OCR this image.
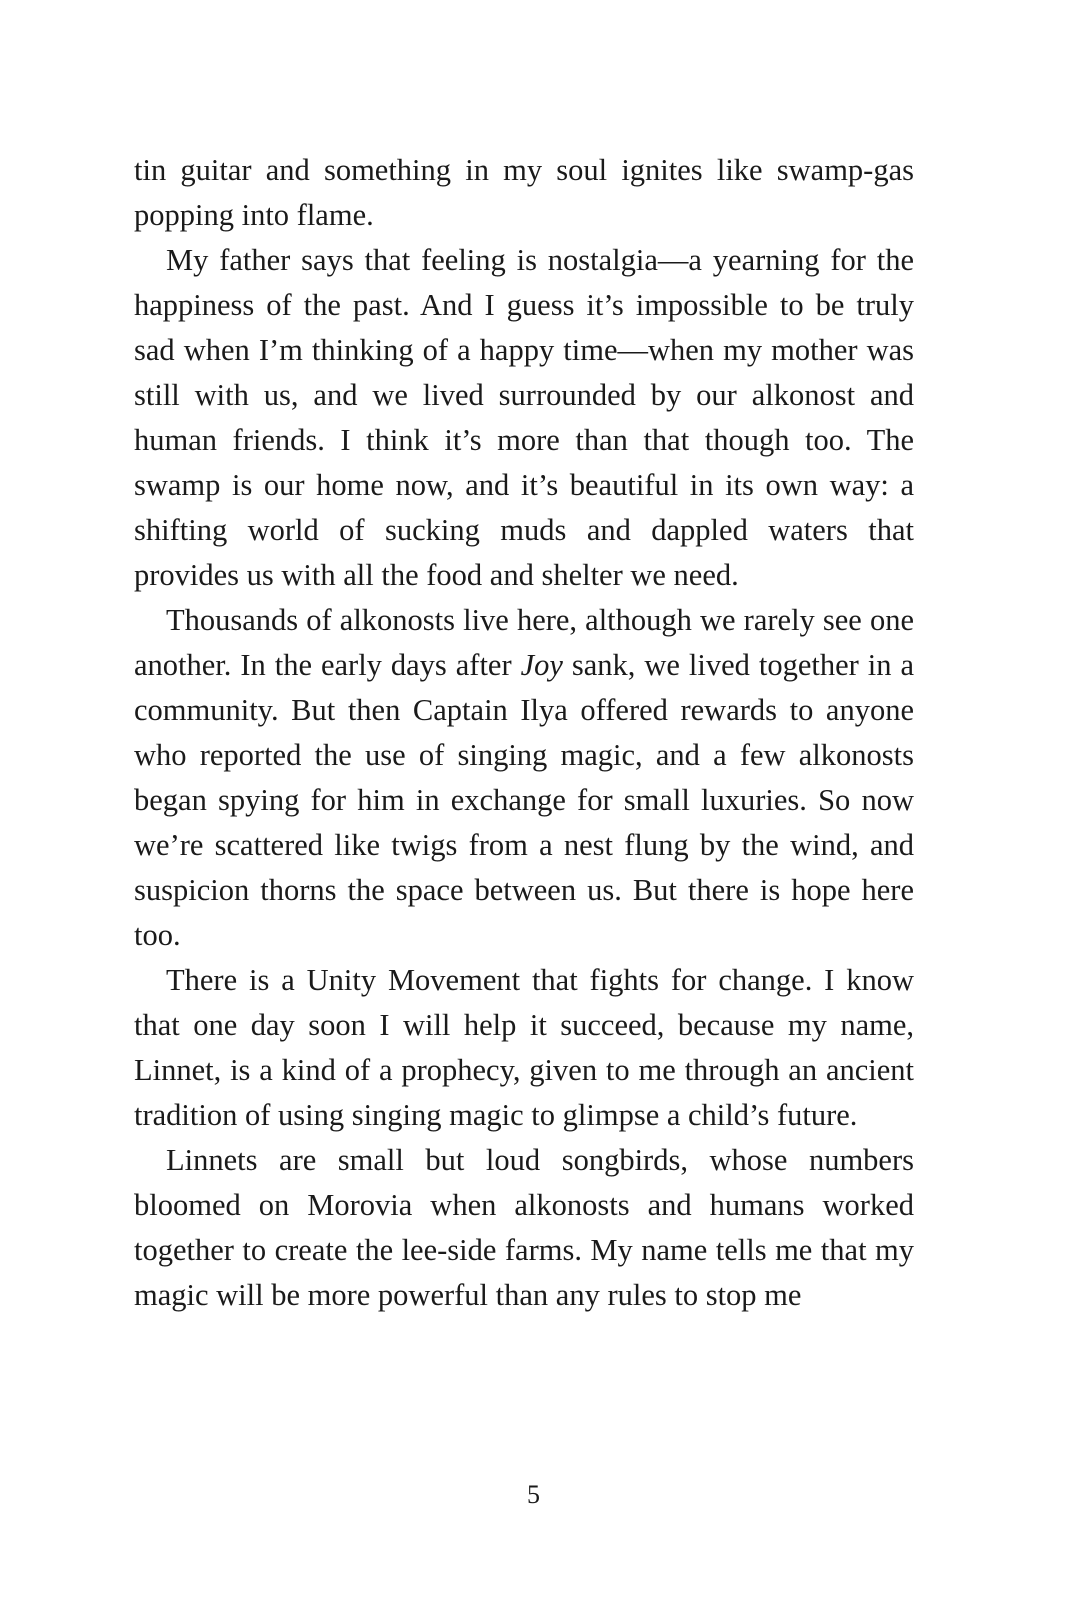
tin guitar and something in my soul ignites like swamp-gas popping into flame.

My father says that feeling is nostalgia—a yearning for the happiness of the past. And I guess it’s impossible to be truly sad when I’m thinking of a happy time—when my mother was still with us, and we lived surrounded by our alkonost and human friends. I think it’s more than that though too. The swamp is our home now, and it’s beautiful in its own way: a shifting world of sucking muds and dappled waters that provides us with all the food and shelter we need.

Thousands of alkonosts live here, although we rarely see one another. In the early days after Joy sank, we lived together in a community. But then Captain Ilya offered rewards to anyone who reported the use of singing magic, and a few alkonosts began spying for him in exchange for small luxuries. So now we’re scattered like twigs from a nest flung by the wind, and suspicion thorns the space between us. But there is hope here too.

There is a Unity Movement that fights for change. I know that one day soon I will help it succeed, because my name, Linnet, is a kind of a prophecy, given to me through an ancient tradition of using singing magic to glimpse a child’s future.

Linnets are small but loud songbirds, whose numbers bloomed on Morovia when alkonosts and humans worked together to create the lee-side farms. My name tells me that my magic will be more powerful than any rules to stop me

5
